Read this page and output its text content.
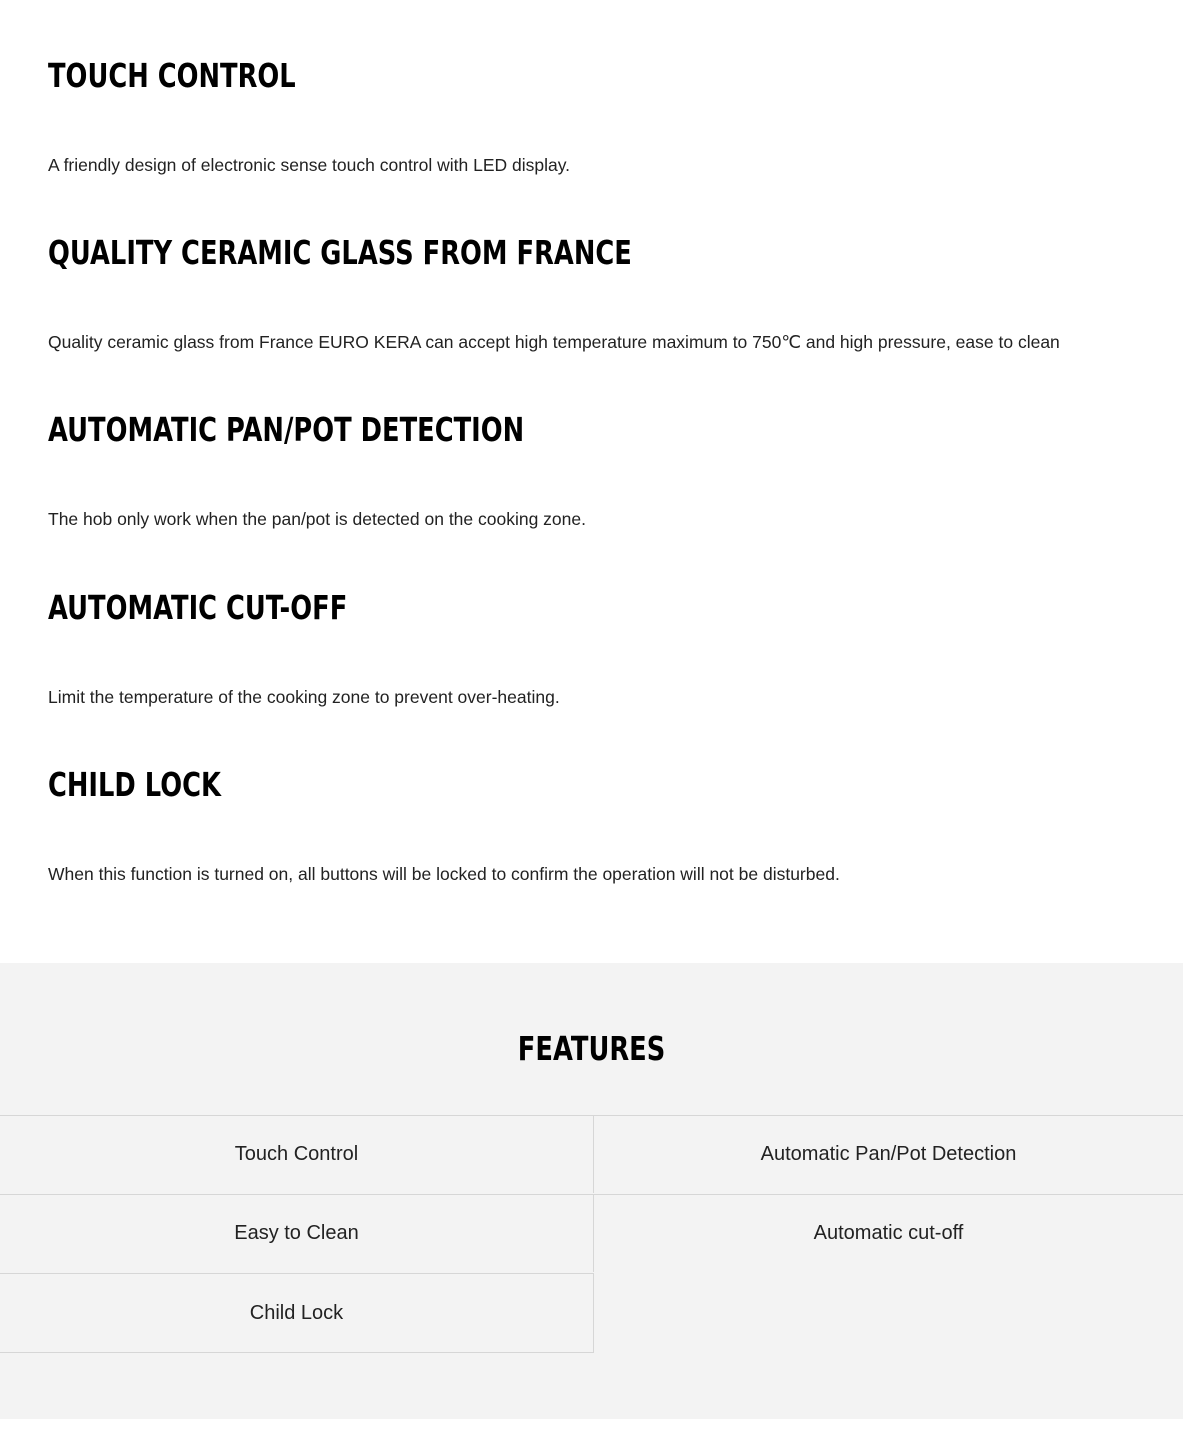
TOUCH CONTROL

A friendly design of electronic sense touch control with LED display.

QUALITY CERAMIC GLASS FROM FRANCE

Quality ceramic glass from France EURO KERA can accept high temperature maximum to 750℃ and high pressure, ease to clean

AUTOMATIC PAN/POT DETECTION

The hob only work when the pan/pot is detected on the cooking zone.

AUTOMATIC CUT-OFF

Limit the temperature of the cooking zone to prevent over-heating.

CHILD LOCK

When this function is turned on, all buttons will be locked to confirm the operation will not be disturbed.

FEATURES
Touch Control	Automatic Pan/Pot Detection
Easy to Clean	Automatic cut-off
Child Lock
